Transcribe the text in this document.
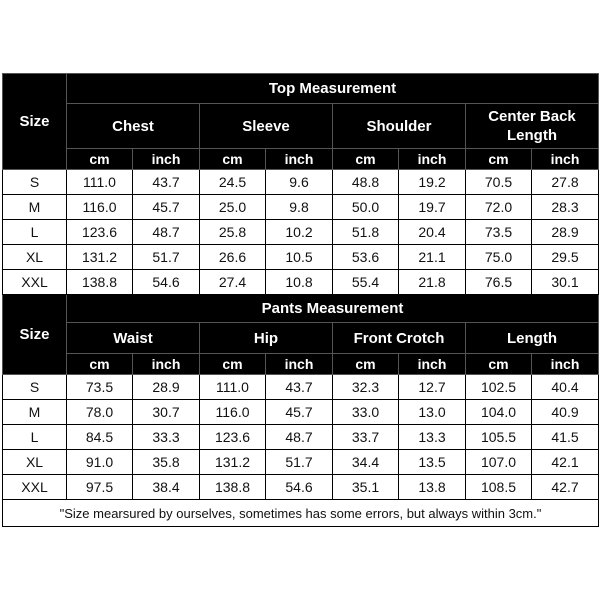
Size	Top Measurement							
	Chest		Sleeve		Shoulder		Center Back Length	
	cm	inch	cm	inch	cm	inch	cm	inch
S	111.0	43.7	24.5	9.6	48.8	19.2	70.5	27.8
M	116.0	45.7	25.0	9.8	50.0	19.7	72.0	28.3
L	123.6	48.7	25.8	10.2	51.8	20.4	73.5	28.9
XL	131.2	51.7	26.6	10.5	53.6	21.1	75.0	29.5
XXL	138.8	54.6	27.4	10.8	55.4	21.8	76.5	30.1
Size	Pants Measurement							
	Waist		Hip		Front Crotch		Length	
	cm	inch	cm	inch	cm	inch	cm	inch
S	73.5	28.9	111.0	43.7	32.3	12.7	102.5	40.4
M	78.0	30.7	116.0	45.7	33.0	13.0	104.0	40.9
L	84.5	33.3	123.6	48.7	33.7	13.3	105.5	41.5
XL	91.0	35.8	131.2	51.7	34.4	13.5	107.0	42.1
XXL	97.5	38.4	138.8	54.6	35.1	13.8	108.5	42.7
"Size mearsured by ourselves, sometimes has some errors, but always within 3cm."								
